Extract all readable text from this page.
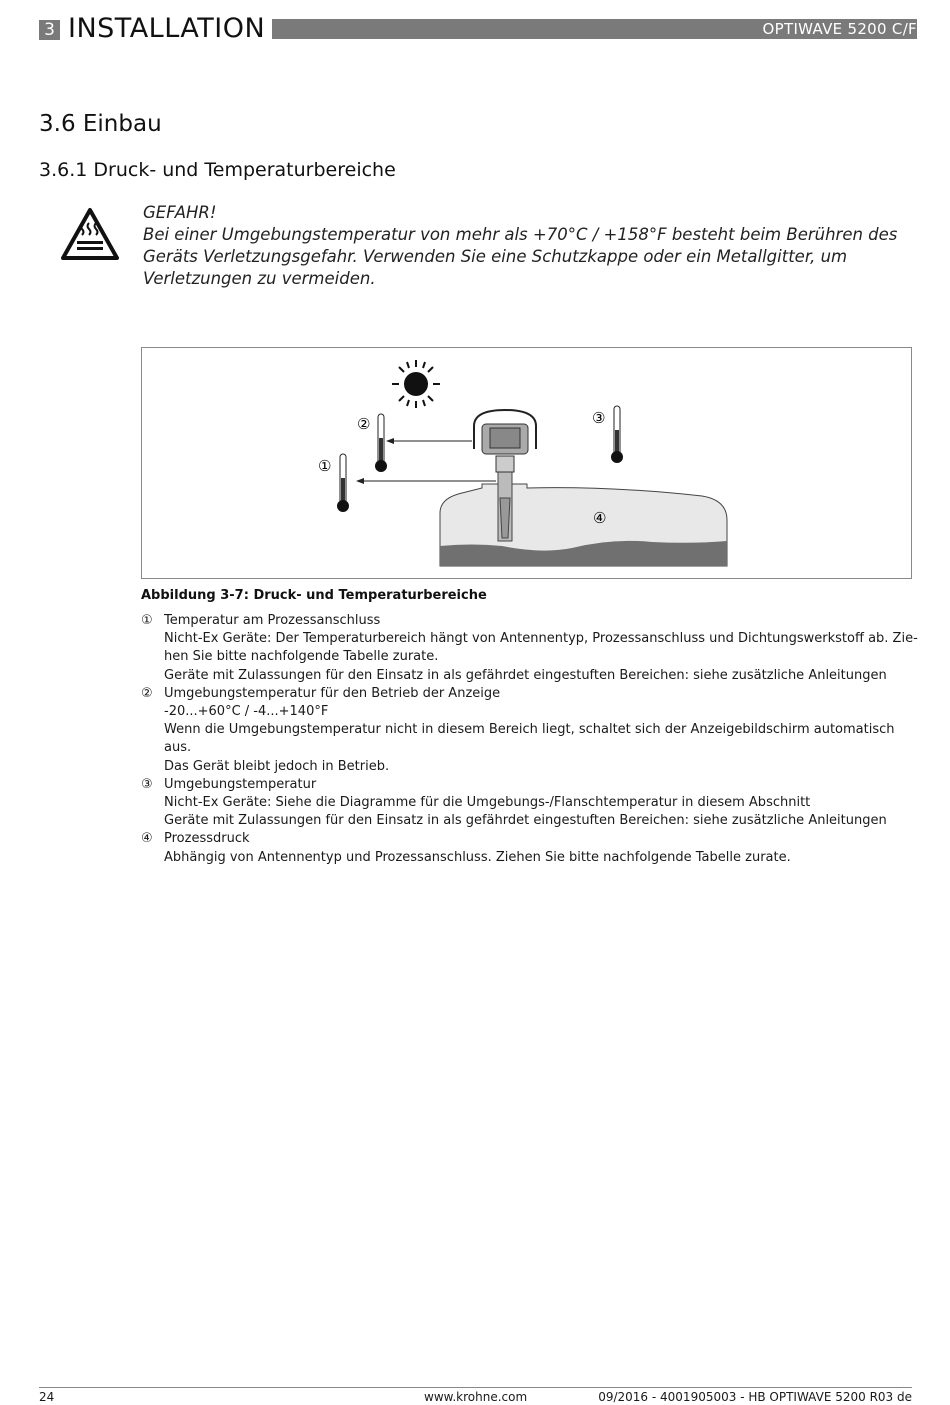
3 INSTALLATION	OPTIWAVE 5200 C/F
3.6 Einbau
3.6.1 Druck- und Temperaturbereiche
GEFAHR!
Bei einer Umgebungstemperatur von mehr als +70°C / +158°F besteht beim Berühren des Geräts Verletzungsgefahr. Verwenden Sie eine Schutzkappe oder ein Metallgitter, um Verletzungen zu vermeiden.
①
②	③
④
Abbildung 3-7: Druck- und Temperaturbereiche
① Temperatur am Prozessanschluss
Nicht-Ex Geräte: Der Temperaturbereich hängt von Antennentyp, Prozessanschluss und Dichtungswerkstoff ab. Zie-
hen Sie bitte nachfolgende Tabelle zurate.
Geräte mit Zulassungen für den Einsatz in als gefährdet eingestuften Bereichen: siehe zusätzliche Anleitungen
② Umgebungstemperatur für den Betrieb der Anzeige
-20...+60°C / -4...+140°F
Wenn die Umgebungstemperatur nicht in diesem Bereich liegt, schaltet sich der Anzeigebildschirm automatisch aus.
Das Gerät bleibt jedoch in Betrieb.
③ Umgebungstemperatur
Nicht-Ex Geräte: Siehe die Diagramme für die Umgebungs-/Flanschtemperatur in diesem Abschnitt
Geräte mit Zulassungen für den Einsatz in als gefährdet eingestuften Bereichen: siehe zusätzliche Anleitungen
④ Prozessdruck
Abhängig von Antennentyp und Prozessanschluss. Ziehen Sie bitte nachfolgende Tabelle zurate.
24	www.krohne.com	09/2016 - 4001905003 - HB OPTIWAVE 5200 R03 de
